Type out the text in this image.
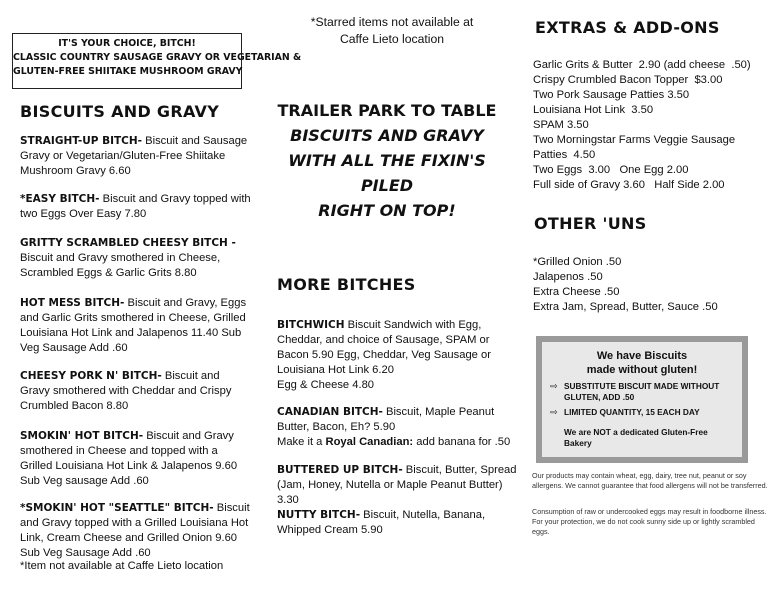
IT'S YOUR CHOICE, BITCH!
CLASSIC COUNTRY SAUSAGE GRAVY OR VEGETARIAN &
GLUTEN-FREE SHIITAKE MUSHROOM GRAVY
BISCUITS AND GRAVY
STRAIGHT-UP BITCH- Biscuit and Sausage Gravy or Vegetarian/Gluten-Free Shiitake Mushroom Gravy 6.60
*EASY BITCH- Biscuit and Gravy topped with two Eggs Over Easy 7.80
GRITTY SCRAMBLED CHEESY BITCH - Biscuit and Gravy smothered in Cheese, Scrambled Eggs & Garlic Grits 8.80
HOT MESS BITCH- Biscuit and Gravy, Eggs and Garlic Grits smothered in Cheese, Grilled Louisiana Hot Link and Jalapenos 11.40 Sub Veg Sausage Add .60
CHEESY PORK N' BITCH- Biscuit and Gravy smothered with Cheddar and Crispy Crumbled Bacon 8.80
SMOKIN' HOT BITCH- Biscuit and Gravy smothered in Cheese and topped with a Grilled Louisiana Hot Link & Jalapenos 9.60 Sub Veg sausage Add .60
*SMOKIN' HOT "SEATTLE" BITCH- Biscuit and Gravy topped with a Grilled Louisiana Hot Link, Cream Cheese and Grilled Onion 9.60 Sub Veg Sausage Add .60
*Item not available at Caffe Lieto location
*Starred items not available at
Caffe Lieto location
TRAILER PARK TO TABLE
BISCUITS AND GRAVY
WITH ALL THE FIXIN'S PILED
RIGHT ON TOP!
MORE BITCHES
BITCHWICH Biscuit Sandwich with Egg, Cheddar, and choice of Sausage, SPAM or Bacon 5.90 Egg, Cheddar, Veg Sausage or Louisiana Hot Link 6.20
Egg & Cheese 4.80
CANADIAN BITCH- Biscuit, Maple Peanut Butter, Bacon, Eh? 5.90
Make it a Royal Canadian: add banana for .50
BUTTERED UP BITCH- Biscuit, Butter, Spread (Jam, Honey, Nutella or Maple Peanut Butter) 3.30
NUTTY BITCH- Biscuit, Nutella, Banana, Whipped Cream 5.90
EXTRAS & ADD-ONS
Garlic Grits & Butter  2.90 (add cheese  .50)
Crispy Crumbled Bacon Topper  $3.00
Two Pork Sausage Patties 3.50
Louisiana Hot Link  3.50
SPAM 3.50
Two Morningstar Farms Veggie Sausage Patties  4.50
Two Eggs  3.00   One Egg 2.00
Full side of Gravy 3.60   Half Side 2.00
OTHER 'UNS
*Grilled Onion .50
Jalapenos .50
Extra Cheese .50
Extra Jam, Spread, Butter, Sauce .50
We have Biscuits
made without gluten!
⇨ SUBSTITUTE BISCUIT MADE WITHOUT GLUTEN, ADD .50
⇨ LIMITED QUANTITY, 15 EACH DAY
We are NOT a dedicated Gluten-Free Bakery
Our products may contain wheat, egg, dairy, tree nut, peanut or soy allergens. We cannot guarantee that food allergens will not be transferred.
Consumption of raw or undercooked eggs may result in foodborne illness. For your protection, we do not cook sunny side up or lightly scrambled eggs.
